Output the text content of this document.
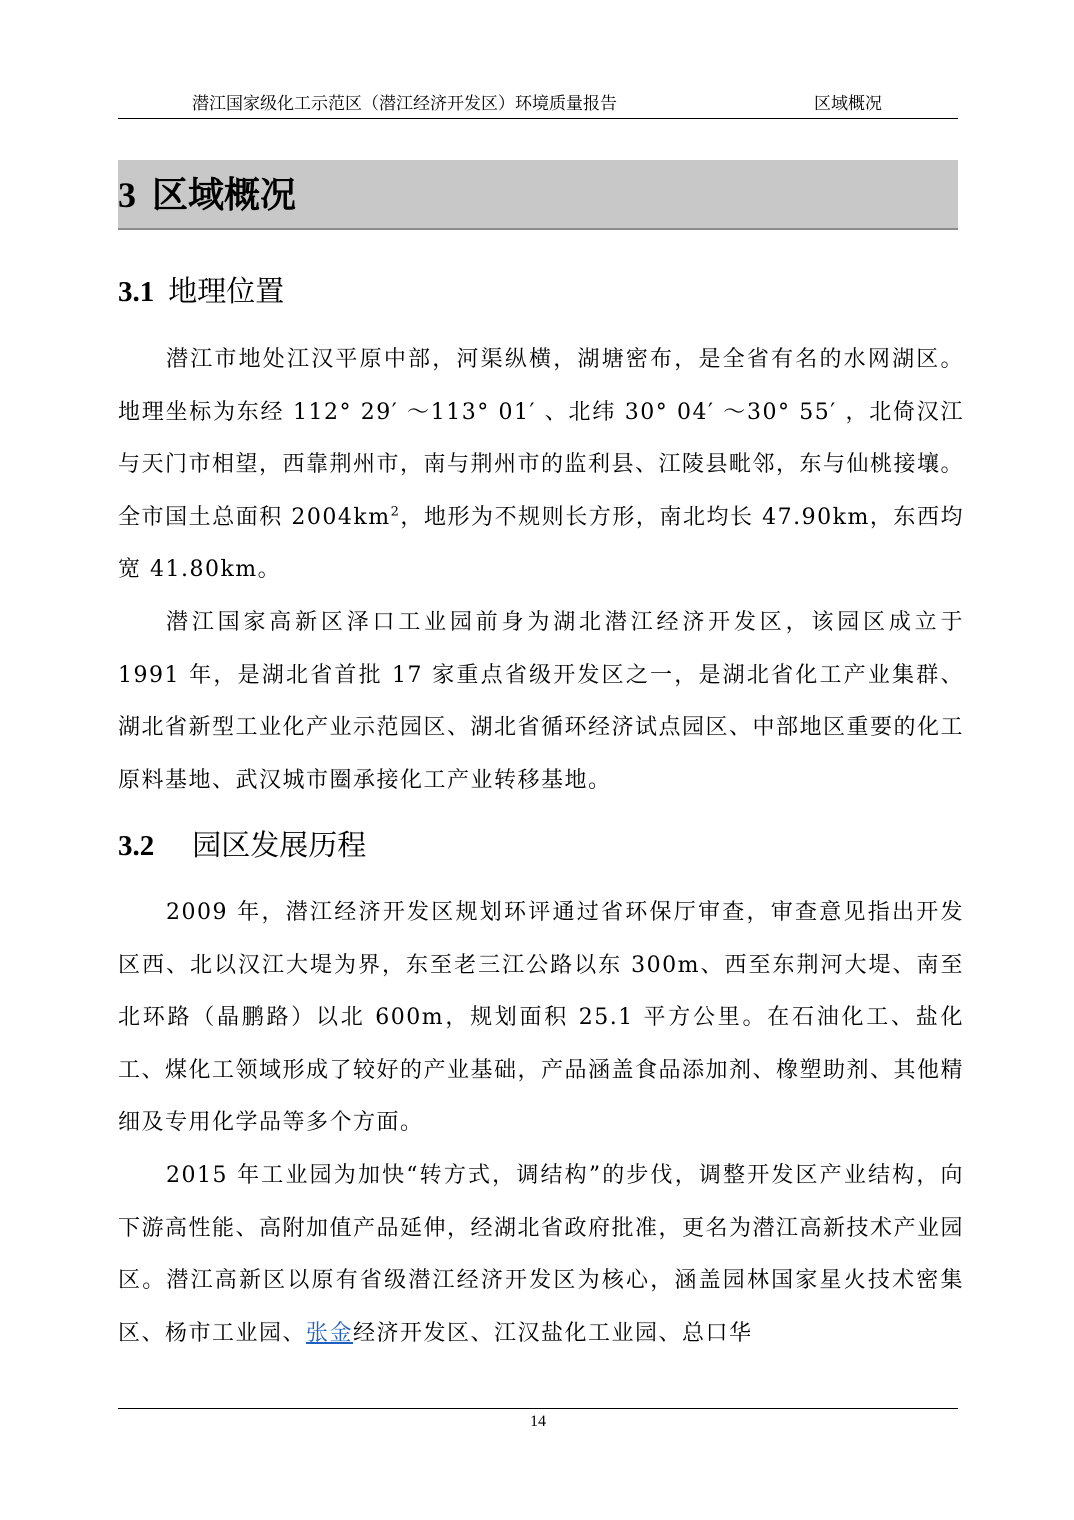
潜江国家级化工示范区（潜江经济开发区）环境质量报告	区域概况
3 区域概况
3.1 地理位置

潜江市地处江汉平原中部，河渠纵横，湖塘密布，是全省有名的水网湖区。地理坐标为东经 112° 29′ ～113° 01′ 、北纬 30° 04′ ～30° 55′ ，北倚汉江与天门市相望，西靠荆州市，南与荆州市的监利县、江陵县毗邻，东与仙桃接壤。全市国土总面积 $2004km^2$，地形为不规则长方形，南北均长 47.90km，东西均宽 41.80km。

潜江国家高新区泽口工业园前身为湖北潜江经济开发区，该园区成立于 1991 年，是湖北省首批 17 家重点省级开发区之一，是湖北省化工产业集群、湖北省新型工业化产业示范园区、湖北省循环经济试点园区、中部地区重要的化工原料基地、武汉城市圈承接化工产业转移基地。

3.2 园区发展历程

2009 年，潜江经济开发区规划环评通过省环保厅审查，审查意见指出开发区西、北以汉江大堤为界，东至老三江公路以东 300m、西至东荆河大堤、南至北环路（晶鹏路）以北 600m，规划面积 25.1 平方公里。在石油化工、盐化工、煤化工领域形成了较好的产业基础，产品涵盖食品添加剂、橡塑助剂、其他精细及专用化学品等多个方面。

2015 年工业园为加快“转方式，调结构”的步伐，调整开发区产业结构，向下游高性能、高附加值产品延伸，经湖北省政府批准，更名为潜江高新技术产业园区。潜江高新区以原有省级潜江经济开发区为核心，涵盖园林国家星火技术密集区、杨市工业园、张金经济开发区、江汉盐化工业园、总口华

14
